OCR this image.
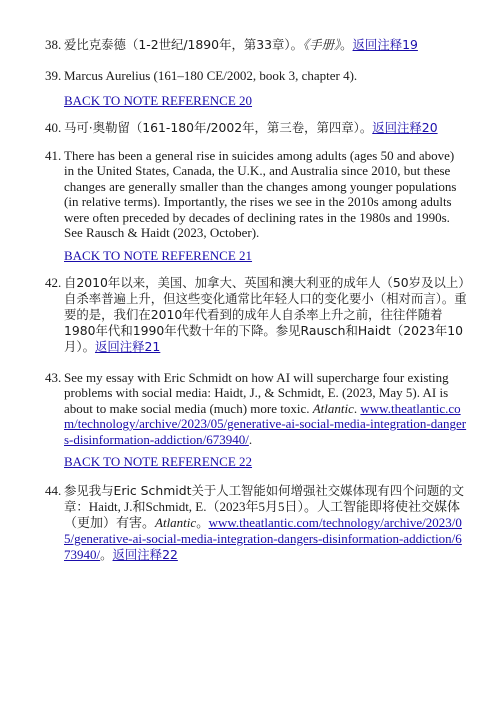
38. 爱比克泰德（1-2世纪/1890年，第33章）。《手册》。返回注释19
39. Marcus Aurelius (161–180 CE/2002, book 3, chapter 4).
BACK TO NOTE REFERENCE 20
40. 马可·奥勒留（161-180年/2002年，第三卷，第四章）。返回注释20
41. There has been a general rise in suicides among adults (ages 50 and above) in the United States, Canada, the U.K., and Australia since 2010, but these changes are generally smaller than the changes among younger populations (in relative terms). Importantly, the rises we see in the 2010s among adults were often preceded by decades of declining rates in the 1980s and 1990s. See Rausch & Haidt (2023, October).
BACK TO NOTE REFERENCE 21
42. 自2010年以来，美国、加拿大、英国和澳大利亚的成年人（50岁及以上）自杀率普遍上升，但这些变化通常比年轻人口的变化要小（相对而言）。重要的是，我们在2010年代看到的成年人自杀率上升之前，往往伴随着1980年代和1990年代数十年的下降。参见Rausch和Haidt（2023年10月）。返回注释21
43. See my essay with Eric Schmidt on how AI will supercharge four existing problems with social media: Haidt, J., & Schmidt, E. (2023, May 5). AI is about to make social media (much) more toxic. Atlantic. www.theatlantic.com/technology/archive/2023/05/generative-ai-social-media-integration-dangers-disinformation-addiction/673940/.
BACK TO NOTE REFERENCE 22
44. 参见我与Eric Schmidt关于人工智能如何增强社交媒体现有四个问题的文章：Haidt, J.和Schmidt, E.（2023年5月5日）。人工智能即将使社交媒体（更加）有害。Atlantic。www.theatlantic.com/technology/archive/2023/05/generative-ai-social-media-integration-dangers-disinformation-addiction/673940/。返回注释22
